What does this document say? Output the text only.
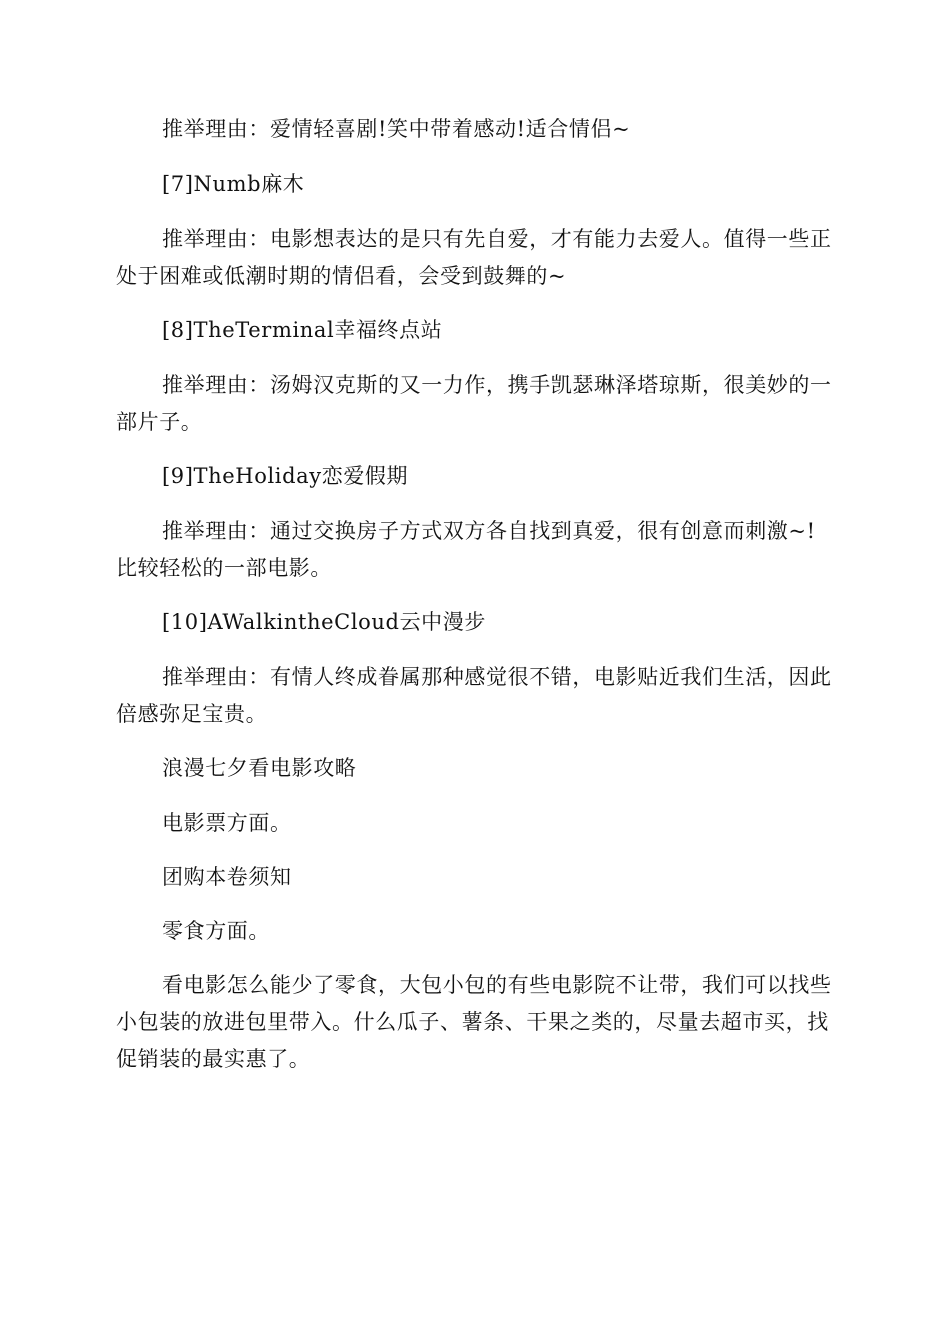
推举理由：爱情轻喜剧!笑中带着感动!适合情侣~

[7]Numb麻木

推举理由：电影想表达的是只有先自爱，才有能力去爱人。值得一些正处于困难或低潮时期的情侣看，会受到鼓舞的~

[8]TheTerminal幸福终点站

推举理由：汤姆汉克斯的又一力作，携手凯瑟琳泽塔琼斯，很美妙的一部片子。

[9]TheHoliday恋爱假期

推举理由：通过交换房子方式双方各自找到真爱，很有创意而刺激~!比较轻松的一部电影。

[10]AWalkintheCloud云中漫步

推举理由：有情人终成眷属那种感觉很不错，电影贴近我们生活，因此倍感弥足宝贵。

浪漫七夕看电影攻略

电影票方面。

团购本卷须知

零食方面。

看电影怎么能少了零食，大包小包的有些电影院不让带，我们可以找些小包装的放进包里带入。什么瓜子、薯条、干果之类的，尽量去超市买，找促销装的最实惠了。
